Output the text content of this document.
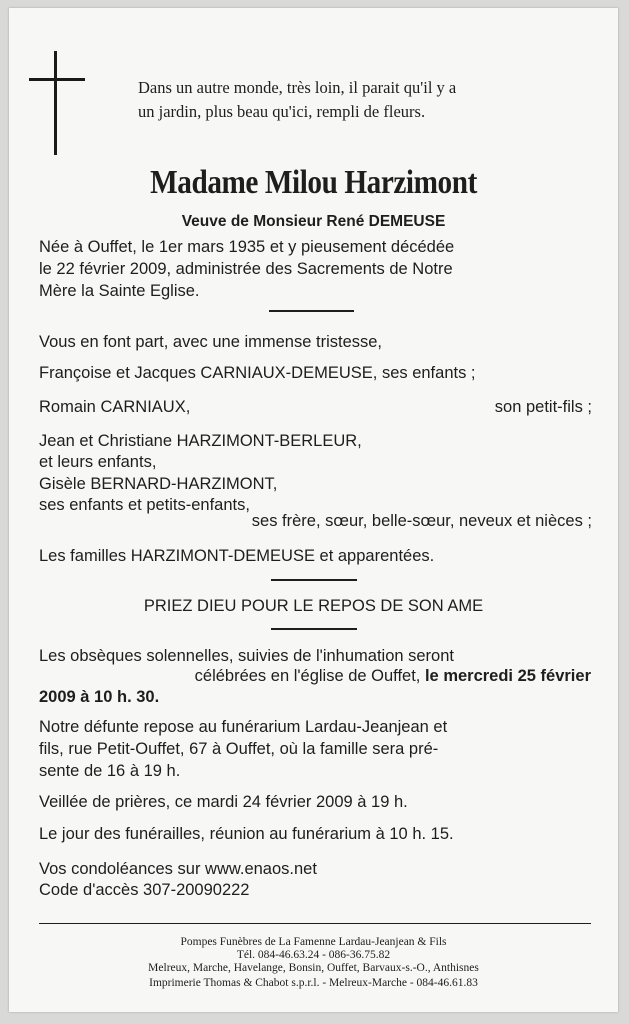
Dans un autre monde, très loin, il parait qu'il y a
un jardin, plus beau qu'ici, rempli de fleurs.
Madame Milou Harzimont
Veuve de Monsieur René DEMEUSE
Née à Ouffet, le 1er mars 1935 et y pieusement décédée
le 22 février 2009, administrée des Sacrements de Notre
Mère la Sainte Eglise.
Vous en font part, avec une immense tristesse,
Françoise et Jacques CARNIAUX-DEMEUSE, ses enfants ;
Romain CARNIAUX,	son petit-fils ;
Jean et Christiane HARZIMONT-BERLEUR,
et leurs enfants,
Gisèle BERNARD-HARZIMONT,
ses enfants et petits-enfants,
ses frère, sœur, belle-sœur, neveux et nièces ;
Les familles HARZIMONT-DEMEUSE et apparentées.
PRIEZ DIEU POUR LE REPOS DE SON AME
Les obsèques solennelles, suivies de l'inhumation seront
célébrées en l'église de Ouffet, le mercredi 25 février
2009 à 10 h. 30.
Notre défunte repose au funérarium Lardau-Jeanjean et
fils, rue Petit-Ouffet, 67 à Ouffet, où la famille sera pré-
sente de 16 à 19 h.
Veillée de prières, ce mardi 24 février 2009 à 19 h.
Le jour des funérailles, réunion au funérarium à 10 h. 15.
Vos condoléances sur www.enaos.net
Code d'accès 307-20090222
Pompes Funèbres de La Famenne Lardau-Jeanjean & Fils
Tél. 084-46.63.24 - 086-36.75.82
Melreux, Marche, Havelange, Bonsin, Ouffet, Barvaux-s.-O., Anthisnes
Imprimerie Thomas & Chabot s.p.r.l. - Melreux-Marche - 084-46.61.83
